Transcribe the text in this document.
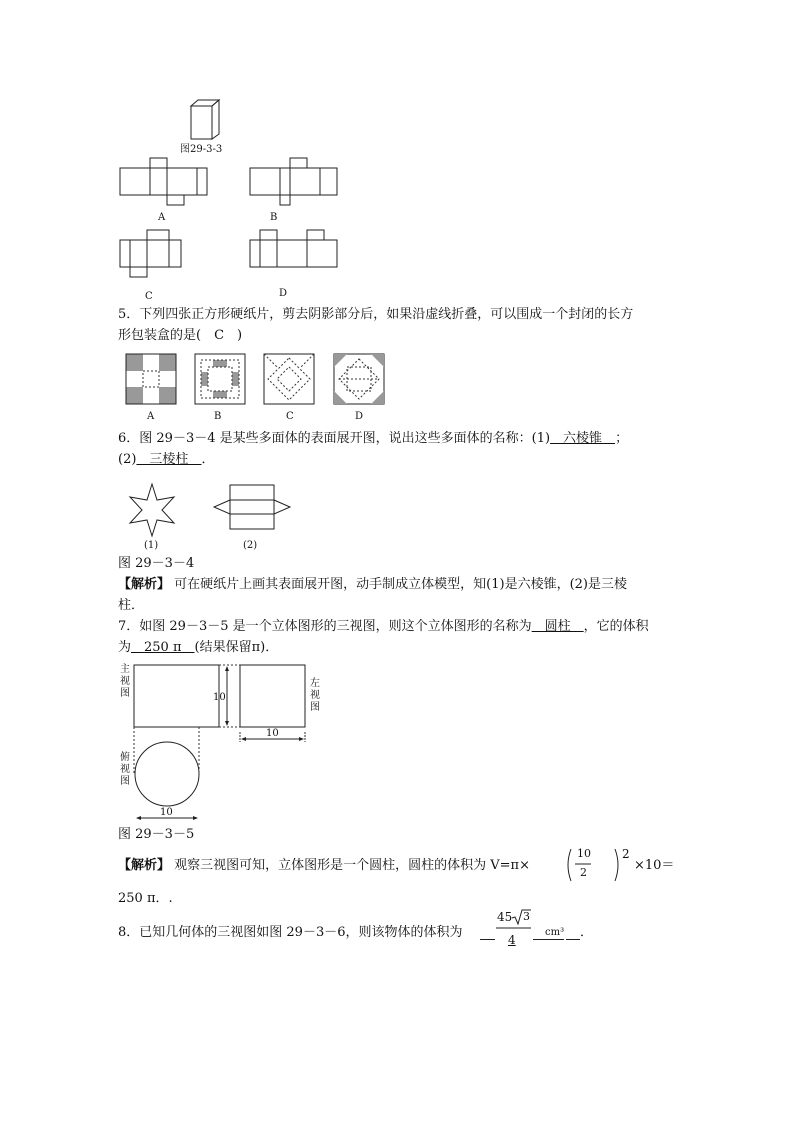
图29-3-3
A	B
C	D
5．下列四张正方形硬纸片，剪去阴影部分后，如果沿虚线折叠，可以围成一个封闭的长方
形包装盒的是(　C　)
A	B	C	D
6．图 29－3－4 是某些多面体的表面展开图，说出这些多面体的名称：(1)　六棱锥　；
(2)　三棱柱　．
(1)	(2)
图 29－3－4
【解析】 可在硬纸片上画其表面展开图，动手制成立体模型，知(1)是六棱锥，(2)是三棱
柱．
7．如图 29－3－5 是一个立体图形的三视图，则这个立体图形的名称为　圆柱　，它的体积
为　250 π　(结果保留π)．
10
10
10
主视图
左视图
俯视图
图 29－3－5
【解析】 观察三视图可知，立体图形是一个圆柱，圆柱的体积为 V=π×
10
2
2
×10＝
250 π．.
8．已知几何体的三视图如图 29－3－6，则该物体的体积为
45 3
4
cm³ ．
